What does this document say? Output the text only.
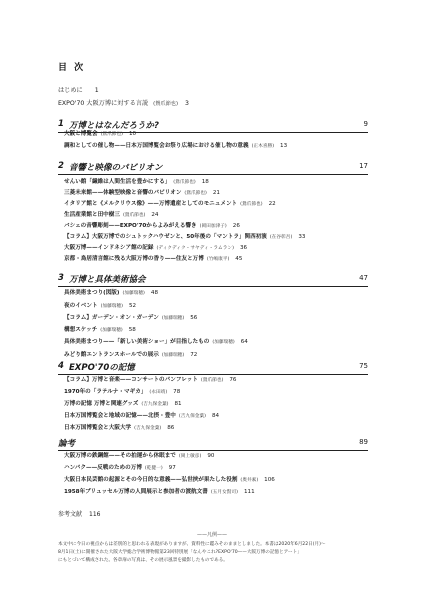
目 次
はじめに 1
EXPO'70 大阪万博に対する言説 (鴛爪節也) 3
1 万博とはなんだろうか?	9
大阪と博覧会 (鴛爪節也) 10
調和としての催し物——日本万国博覧会お祭り広場における催し物の意義 (正木喜勝) 13
2 音響と映像のパビリオン	17
せんい館「繊維は人間生活を豊かにする」 (鴛爪節也) 18
三菱未来館——体験型映像と音響のパビリオン (鴛爪節也) 21
イタリア館と《メルクリウス像》——万博遺産としてのモニュメント (鴛爪節也) 22
生活産業館と田中樹三 (鴛爪節也) 24
バシェの音響彫刻——EXPO'70からよみがえる響き (岡田加津子) 26
【コラム】大阪万博でのシュトックハウゼンと、50年後の「マントラ」関西初演 (在谷彰吾) 33
大阪万博——インドネシア館の記録 (ディクディク・サヤディ・ラムラン) 36
京都・鳥居清言館に残る大阪万博の香り——住友と万博 (竹嶋康平) 45
3 万博と具体美術協会	47
具体美術まつり(図版) (加藤瑞穂) 48
夜のイベント (加藤瑞穂) 52
【コラム】ガーデン・オン・ガーデン (加藤瑞穂) 56
構想スケッチ (加藤瑞穂) 58
具体美術まつり——「新しい美術ショー」が目指したもの (加藤瑞穂) 64
みどり館エントランスホールでの展示 (加藤瑞穂) 72
4 EXPO'70の記憶	75
【コラム】万博と音楽——コンサートのパンフレット (鴛爪節也) 76
1970年の「ラテルナ・マギカ」 (永田靖) 78
万博の記憶 万博と関連グッズ (吉九保金葉) 81
日本万国博覧会と地域の記憶——北摂・豊中 (吉九保金葉) 84
日本万国博覧会と大阪大学 (吉九保金葉) 86
論考	89
大阪万博の鉄鋼館——その拍運から休眠まで (岡上敏彦) 90
ハンパク——反戦のための万博 (乾健一) 97
大阪日本民芸館の起源とその今日的な意義——弘世挟が果たした役割 (奥井素) 106
1958年ブリュッセル万博の人間展示と参加者の渡航文書 (五月女賢司) 111
参考文献 116
——凡例——
本文中に今日の視点からは差別的と思われる表現がありますが、資料性に鑑みそのままとしました。本書は2020年6月22日(月)〜
8月1日(土)に開催された大阪大学総合学術博物館第23回特別展「なんやこれ?EXPO'70——大阪万博の記憶とアート」
にもとづいて構成された。各章扉の写真は、その展示風景を撮影したものである。
